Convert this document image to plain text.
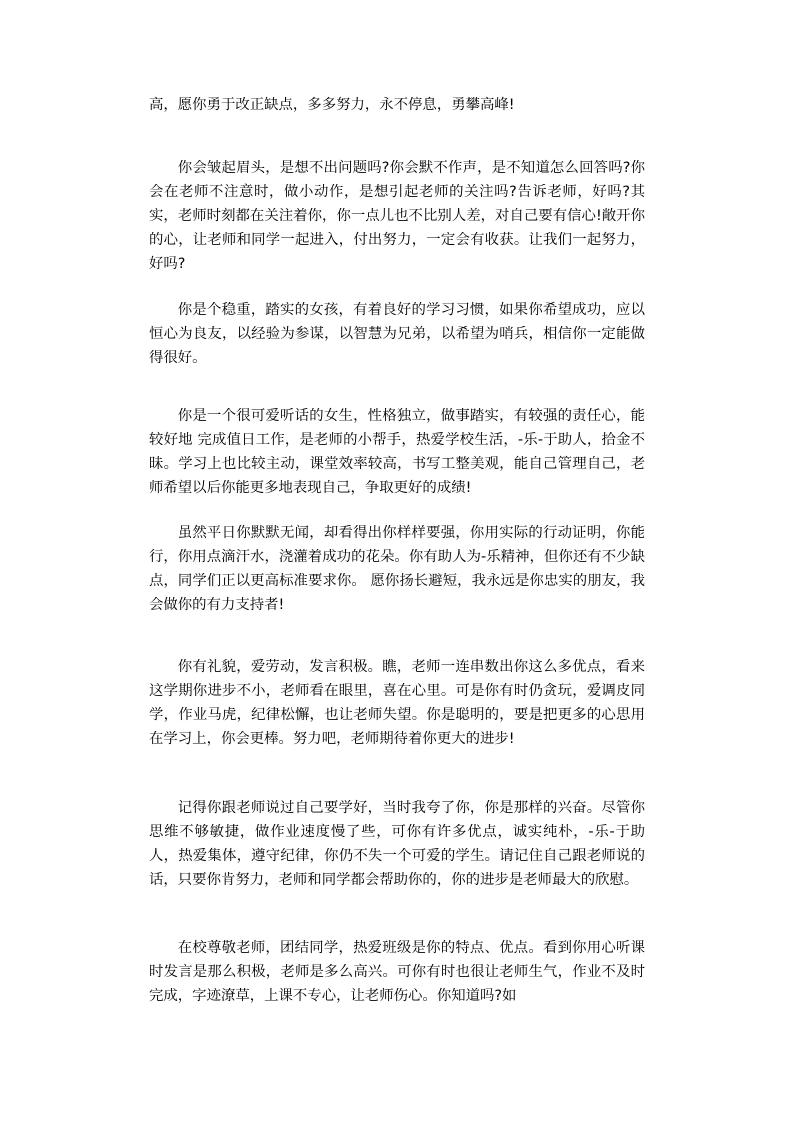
高，愿你勇于改正缺点，多多努力，永不停息，勇攀高峰!

你会皱起眉头，是想不出问题吗?你会默不作声，是不知道怎么回答吗?你会在老师不注意时，做小动作，是想引起老师的关注吗?告诉老师，好吗?其实，老师时刻都在关注着你，你一点儿也不比别人差，对自己要有信心!敞开你的心，让老师和同学一起进入，付出努力，一定会有收获。让我们一起努力，好吗?

你是个稳重，踏实的女孩，有着良好的学习习惯，如果你希望成功，应以恒心为良友，以经验为参谋，以智慧为兄弟，以希望为哨兵，相信你一定能做得很好。

你是一个很可爱听话的女生，性格独立，做事踏实，有较强的责任心，能较好地 完成值日工作，是老师的小帮手，热爱学校生活，-乐-于助人，拾金不昧。学习上也比较主动，课堂效率较高，书写工整美观，能自己管理自己，老师希望以后你能更多地表现自己，争取更好的成绩!

虽然平日你默默无闻，却看得出你样样要强，你用实际的行动证明，你能行，你用点滴汗水，浇灌着成功的花朵。你有助人为-乐精神，但你还有不少缺点，同学们正以更高标准要求你。 愿你扬长避短，我永远是你忠实的朋友，我会做你的有力支持者!

你有礼貌，爱劳动，发言积极。瞧，老师一连串数出你这么多优点，看来这学期你进步不小，老师看在眼里，喜在心里。可是你有时仍贪玩，爱调皮同学，作业马虎，纪律松懈，也让老师失望。你是聪明的，要是把更多的心思用在学习上，你会更棒。努力吧，老师期待着你更大的进步!

记得你跟老师说过自己要学好，当时我夸了你，你是那样的兴奋。尽管你思维不够敏捷，做作业速度慢了些，可你有许多优点，诚实纯朴，-乐-于助人，热爱集体，遵守纪律，你仍不失一个可爱的学生。请记住自己跟老师说的话，只要你肯努力，老师和同学都会帮助你的，你的进步是老师最大的欣慰。

在校尊敬老师，团结同学，热爱班级是你的特点、优点。看到你用心听课时发言是那么积极，老师是多么高兴。可你有时也很让老师生气，作业不及时完成，字迹潦草，上课不专心，让老师伤心。你知道吗?如
